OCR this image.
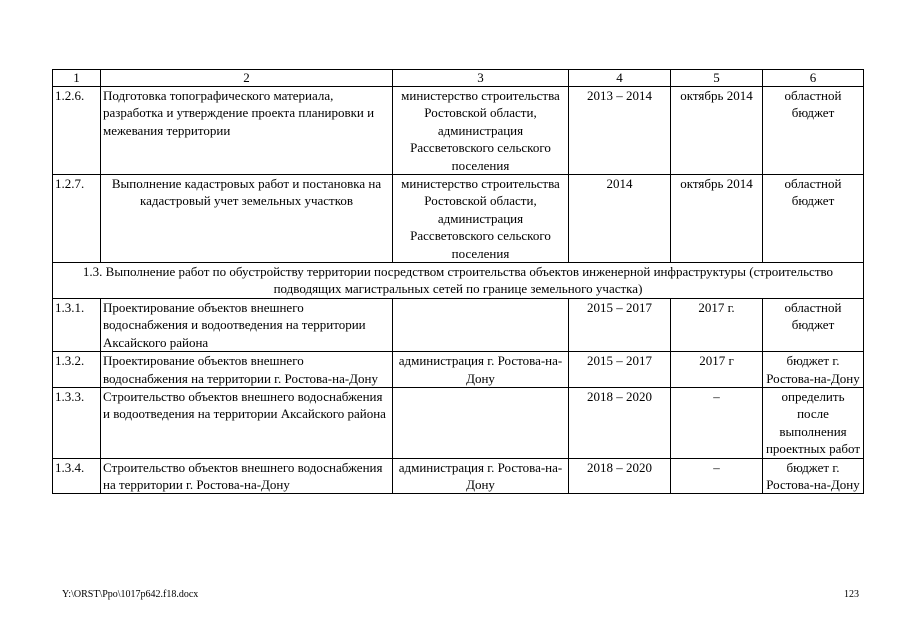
1	2	3	4	5	6
1.2.6.	Подготовка топографического материала, разработка и утверждение проекта планировки и межевания территории	министерство строительства Ростовской области, администрация Рассветовского сельского поселения	2013 – 2014	октябрь 2014	областной бюджет
1.2.7.	Выполнение кадастровых работ и постановка на кадастровый учет земельных участков	министерство строительства Ростовской области, администрация Рассветовского сельского поселения	2014	октябрь 2014	областной бюджет
1.3. Выполнение работ по обустройству территории посредством строительства объектов инженерной инфраструктуры (строительство подводящих магистральных сетей по границе земельного участка)					
1.3.1.	Проектирование объектов внешнего водоснабжения и водоотведения на территории Аксайского района		2015 – 2017	2017 г.	областной бюджет
1.3.2.	Проектирование объектов внешнего водоснабжения на территории г. Ростова-на-Дону	администрация г. Ростова-на-Дону	2015 – 2017	2017 г	бюджет г. Ростова-на-Дону
1.3.3.	Строительство объектов внешнего водоснабжения и водоотведения на территории Аксайского района		2018 – 2020	–	определить после выполнения проектных работ
1.3.4.	Строительство объектов внешнего водоснабжения на территории г. Ростова-на-Дону	администрация г. Ростова-на-Дону	2018 – 2020	–	бюджет г. Ростова-на-Дону
Y:\ORST\Ppo\1017p642.f18.docx	123
